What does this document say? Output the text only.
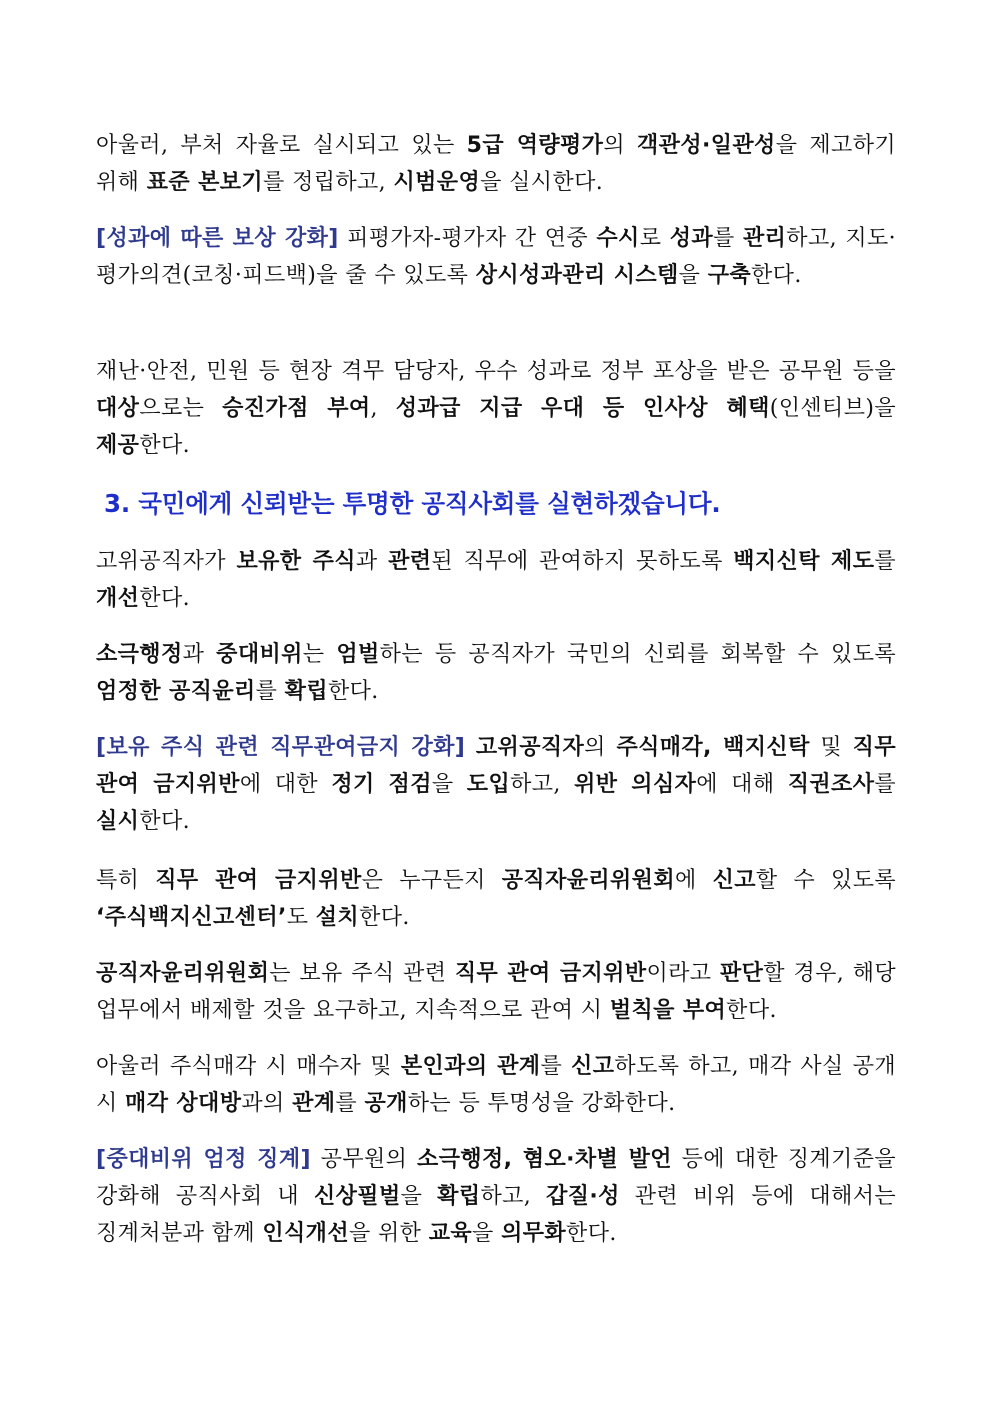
아울러, 부처 자율로 실시되고 있는 5급 역량평가의 객관성·일관성을 제고하기 위해 표준 본보기를 정립하고, 시범운영을 실시한다.

[성과에 따른 보상 강화] 피평가자-평가자 간 연중 수시로 성과를 관리하고, 지도·평가의견(코칭·피드백)을 줄 수 있도록 상시성과관리 시스템을 구축한다.

재난·안전, 민원 등 현장 격무 담당자, 우수 성과로 정부 포상을 받은 공무원 등을 대상으로는 승진가점 부여, 성과급 지급 우대 등 인사상 혜택(인센티브)을 제공한다.

3. 국민에게 신뢰받는 투명한 공직사회를 실현하겠습니다.

고위공직자가 보유한 주식과 관련된 직무에 관여하지 못하도록 백지신탁 제도를 개선한다.

소극행정과 중대비위는 엄벌하는 등 공직자가 국민의 신뢰를 회복할 수 있도록 엄정한 공직윤리를 확립한다.

[보유 주식 관련 직무관여금지 강화] 고위공직자의 주식매각, 백지신탁 및 직무 관여 금지위반에 대한 정기 점검을 도입하고, 위반 의심자에 대해 직권조사를 실시한다.

특히 직무 관여 금지위반은 누구든지 공직자윤리위원회에 신고할 수 있도록 ‘주식백지신고센터’도 설치한다.

공직자윤리위원회는 보유 주식 관련 직무 관여 금지위반이라고 판단할 경우, 해당 업무에서 배제할 것을 요구하고, 지속적으로 관여 시 벌칙을 부여한다.

아울러 주식매각 시 매수자 및 본인과의 관계를 신고하도록 하고, 매각 사실 공개 시 매각 상대방과의 관계를 공개하는 등 투명성을 강화한다.

[중대비위 엄정 징계] 공무원의 소극행정, 혐오·차별 발언 등에 대한 징계기준을 강화해 공직사회 내 신상필벌을 확립하고, 갑질·성 관련 비위 등에 대해서는 징계처분과 함께 인식개선을 위한 교육을 의무화한다.
